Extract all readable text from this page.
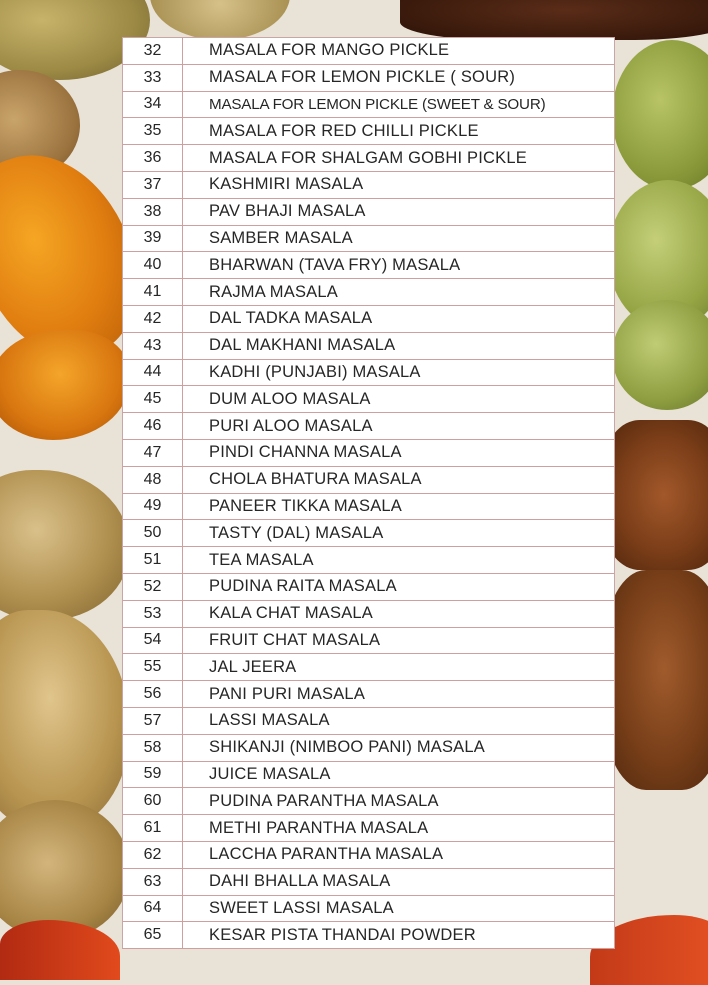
32	MASALA FOR MANGO PICKLE
33	MASALA FOR LEMON PICKLE ( SOUR)
34	MASALA FOR LEMON PICKLE (SWEET & SOUR)
35	MASALA FOR RED CHILLI PICKLE
36	MASALA FOR SHALGAM GOBHI PICKLE
37	KASHMIRI MASALA
38	PAV BHAJI MASALA
39	SAMBER MASALA
40	BHARWAN (TAVA FRY) MASALA
41	RAJMA MASALA
42	DAL TADKA MASALA
43	DAL MAKHANI MASALA
44	KADHI (PUNJABI) MASALA
45	DUM ALOO MASALA
46	PURI ALOO MASALA
47	PINDI CHANNA MASALA
48	CHOLA BHATURA MASALA
49	PANEER TIKKA MASALA
50	TASTY (DAL) MASALA
51	TEA MASALA
52	PUDINA RAITA MASALA
53	KALA CHAT MASALA
54	FRUIT CHAT MASALA
55	JAL JEERA
56	PANI PURI MASALA
57	LASSI MASALA
58	SHIKANJI (NIMBOO PANI) MASALA
59	JUICE MASALA
60	PUDINA PARANTHA MASALA
61	METHI PARANTHA MASALA
62	LACCHA PARANTHA MASALA
63	DAHI BHALLA MASALA
64	SWEET LASSI MASALA
65	KESAR PISTA THANDAI POWDER
